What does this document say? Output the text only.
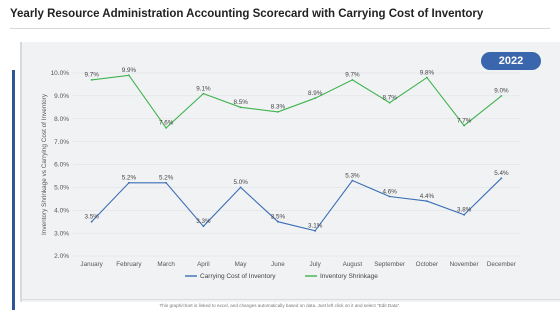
Yearly Resource Administration Accounting Scorecard with Carrying Cost of Inventory
2022
2.0%
3.0%
4.0%
5.0%
6.0%
7.0%
8.0%
9.0%
10.0%
January February	March	April	May	June	July	August September October November December
Inventory Shrinkage vs Carrying Cost of Inventory	3.5%
5.2%	5.2%
3.3%
5.0%
3.5%
3.1%
5.3%
4.6%
4.4%
3.8%
5.4%
9.7%
9.9%
7.6%
9.1%
8.5%
8.3%
8.9%
9.7%
8.7%
9.8%
7.7%
9.0%
Carrying Cost of Inventory	Inventory Shrinkage
This graph/chart is linked to excel, and changes automatically based on data. Just left click on it and select "Edit Data".
